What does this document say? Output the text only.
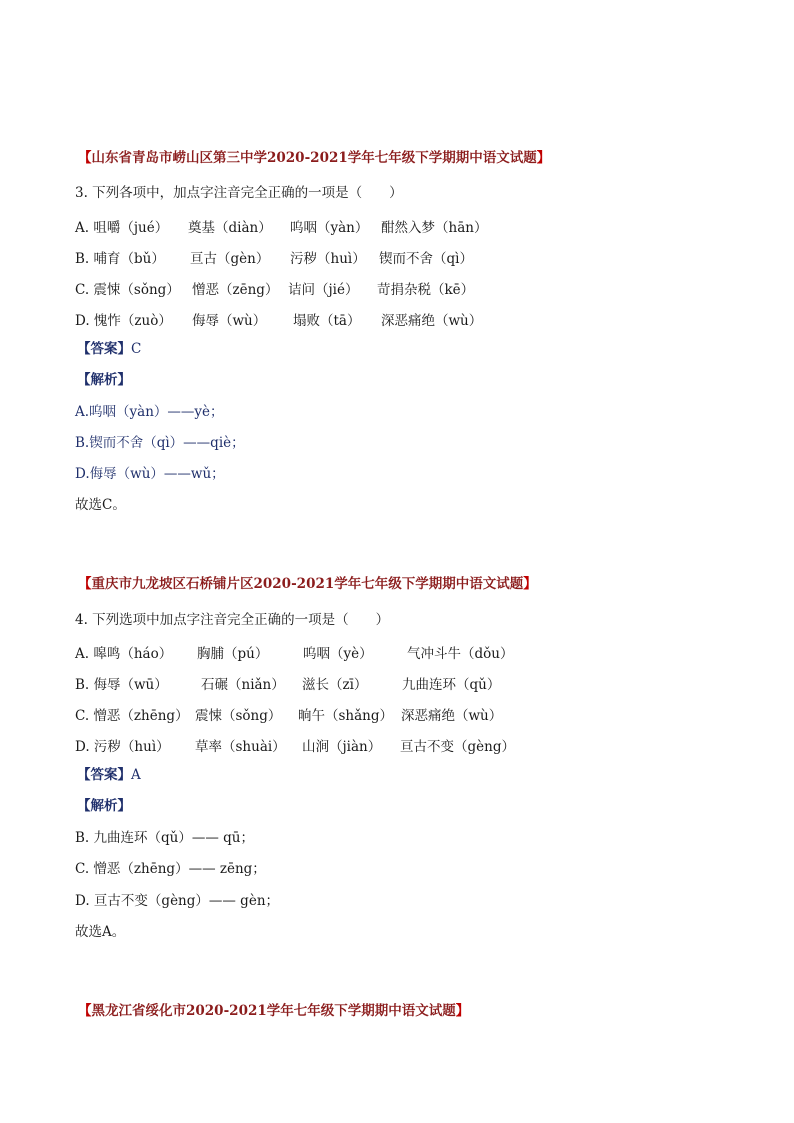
【山东省青岛市崂山区第三中学2020-2021学年七年级下学期期中语文试题】
3. 下列各项中，加点字注音完全正确的一项是（　　）
A. 咀嚼（jué） 奠基（diàn） 呜咽（yàn） 酣然入梦（hān）
B. 哺育（bǔ） 亘古（gèn） 污秽（huì） 锲而不舍（qì）
C. 震悚（sǒng） 憎恶（zēng） 诘问（jié） 苛捐杂税（kē）
D. 愧怍（zuò） 侮辱（wù） 塌败（tā） 深恶痛绝（wù）
【答案】C
【解析】
A.呜咽（yàn）——yè；
B.锲而不舍（qì）——qiè；
D.侮辱（wù）——wǔ；
故选C。
【重庆市九龙坡区石桥铺片区2020-2021学年七年级下学期期中语文试题】
4. 下列选项中加点字注音完全正确的一项是（　　）
A. 嗥鸣（háo） 胸脯（pú）	呜咽（yè）	气冲斗牛（dǒu）
B. 侮辱（wū） 石碾（niǎn） 滋长（zī）	九曲连环（qǔ）
C. 憎恶（zhēng） 震悚（sǒng） 晌午（shǎng） 深恶痛绝（wù）
D. 污秽（huì） 草率（shuài） 山涧（jiàn） 亘古不变（gèng）
【答案】A
【解析】
B. 九曲连环（qǔ）—— qū；
C. 憎恶（zhēng）—— zēng；
D. 亘古不变（gèng）—— gèn；
故选A。
【黑龙江省绥化市2020-2021学年七年级下学期期中语文试题】
